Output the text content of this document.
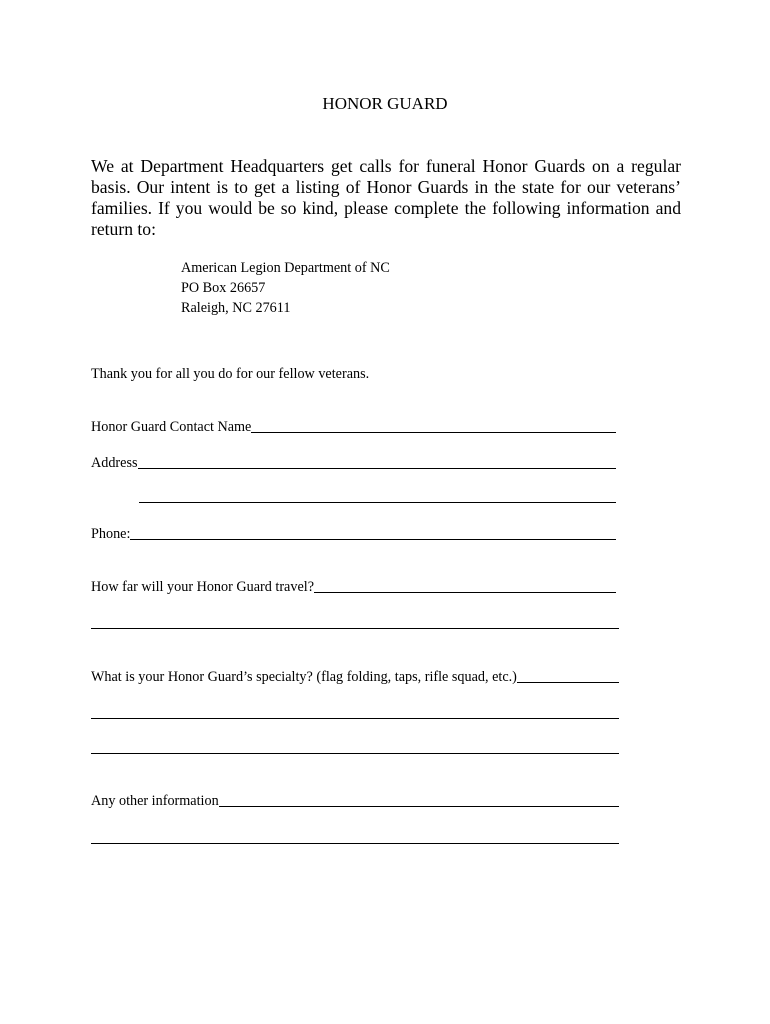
HONOR GUARD

We at Department Headquarters get calls for funeral Honor Guards on a regular basis. Our intent is to get a listing of Honor Guards in the state for our veterans’ families. If you would be so kind, please complete the following information and return to:

American Legion Department of NC
PO Box 26657
Raleigh, NC 27611
Thank you for all you do for our fellow veterans.
Honor Guard Contact Name
Address
Phone:
How far will your Honor Guard travel?
What is your Honor Guard’s specialty? (flag folding, taps, rifle squad, etc.)
Any other information
